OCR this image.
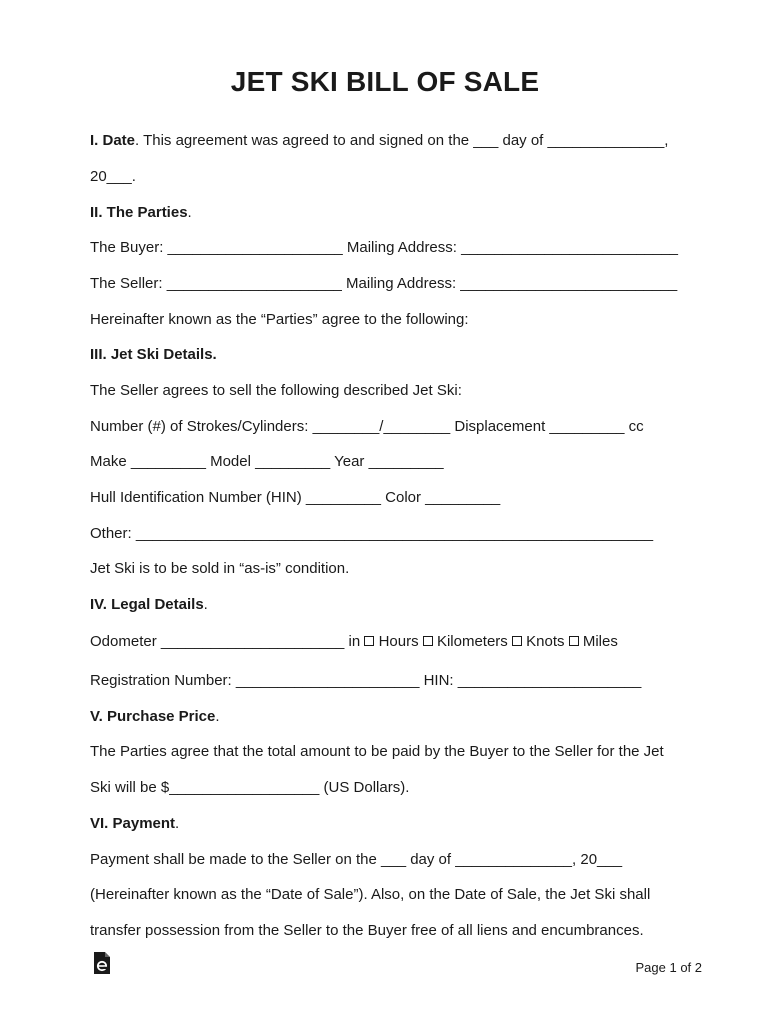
JET SKI BILL OF SALE
I. Date. This agreement was agreed to and signed on the ___ day of ______________,
20___.
II. The Parties.
The Buyer: _____________________ Mailing Address: __________________________
The Seller: _____________________ Mailing Address: __________________________
Hereinafter known as the “Parties” agree to the following:
III. Jet Ski Details.
The Seller agrees to sell the following described Jet Ski:
Number (#) of Strokes/Cylinders: ________/________ Displacement _________ cc
Make _________ Model _________ Year _________
Hull Identification Number (HIN) _________ Color _________
Other: ______________________________________________________________
Jet Ski is to be sold in “as-is” condition.
IV. Legal Details.
Odometer ______________________ in Hours Kilometers Knots Miles
Registration Number: ______________________ HIN: ______________________
V. Purchase Price.
The Parties agree that the total amount to be paid by the Buyer to the Seller for the Jet
Ski will be $__________________ (US Dollars).
VI. Payment.
Payment shall be made to the Seller on the ___ day of ______________, 20___
(Hereinafter known as the “Date of Sale”). Also, on the Date of Sale, the Jet Ski shall
transfer possession from the Seller to the Buyer free of all liens and encumbrances.
Page 1 of 2
